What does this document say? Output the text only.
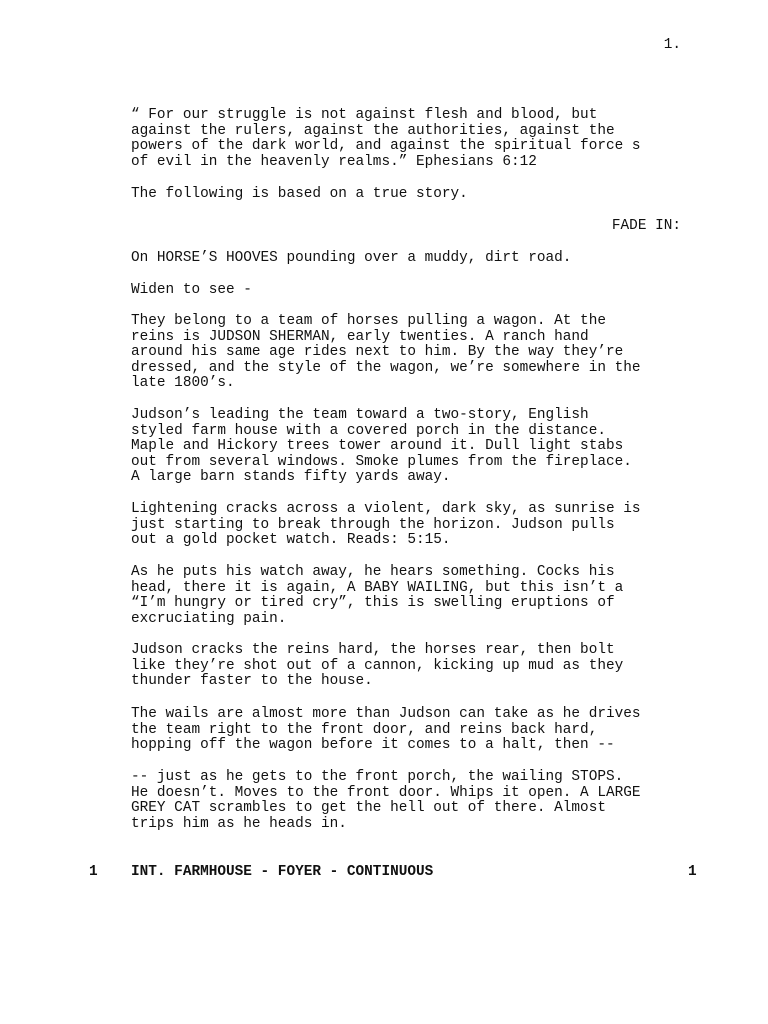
1.

“ For our struggle is not against flesh and blood, but
against the rulers, against the authorities, against the
powers of the dark world, and against the spiritual force s
of evil in the heavenly realms.” Ephesians 6:12

The following is based on a true story.

FADE IN:

On HORSE’S HOOVES pounding over a muddy, dirt road.

Widen to see -

They belong to a team of horses pulling a wagon. At the
reins is JUDSON SHERMAN, early twenties. A ranch hand
around his same age rides next to him. By the way they’re
dressed, and the style of the wagon, we’re somewhere in the
late 1800’s.

Judson’s leading the team toward a two-story, English
styled farm house with a covered porch in the distance.
Maple and Hickory trees tower around it. Dull light stabs
out from several windows. Smoke plumes from the fireplace.
A large barn stands fifty yards away.

Lightening cracks across a violent, dark sky, as sunrise is
just starting to break through the horizon. Judson pulls
out a gold pocket watch. Reads: 5:15.

As he puts his watch away, he hears something. Cocks his
head, there it is again, A BABY WAILING, but this isn’t a
“I’m hungry or tired cry”, this is swelling eruptions of
excruciating pain.

Judson cracks the reins hard, the horses rear, then bolt
like they’re shot out of a cannon, kicking up mud as they
thunder faster to the house.

The wails are almost more than Judson can take as he drives
the team right to the front door, and reins back hard,
hopping off the wagon before it comes to a halt, then --

-- just as he gets to the front porch, the wailing STOPS.
He doesn’t. Moves to the front door. Whips it open. A LARGE
GREY CAT scrambles to get the hell out of there. Almost
trips him as he heads in.

1 INT. FARMHOUSE - FOYER - CONTINUOUS	1
